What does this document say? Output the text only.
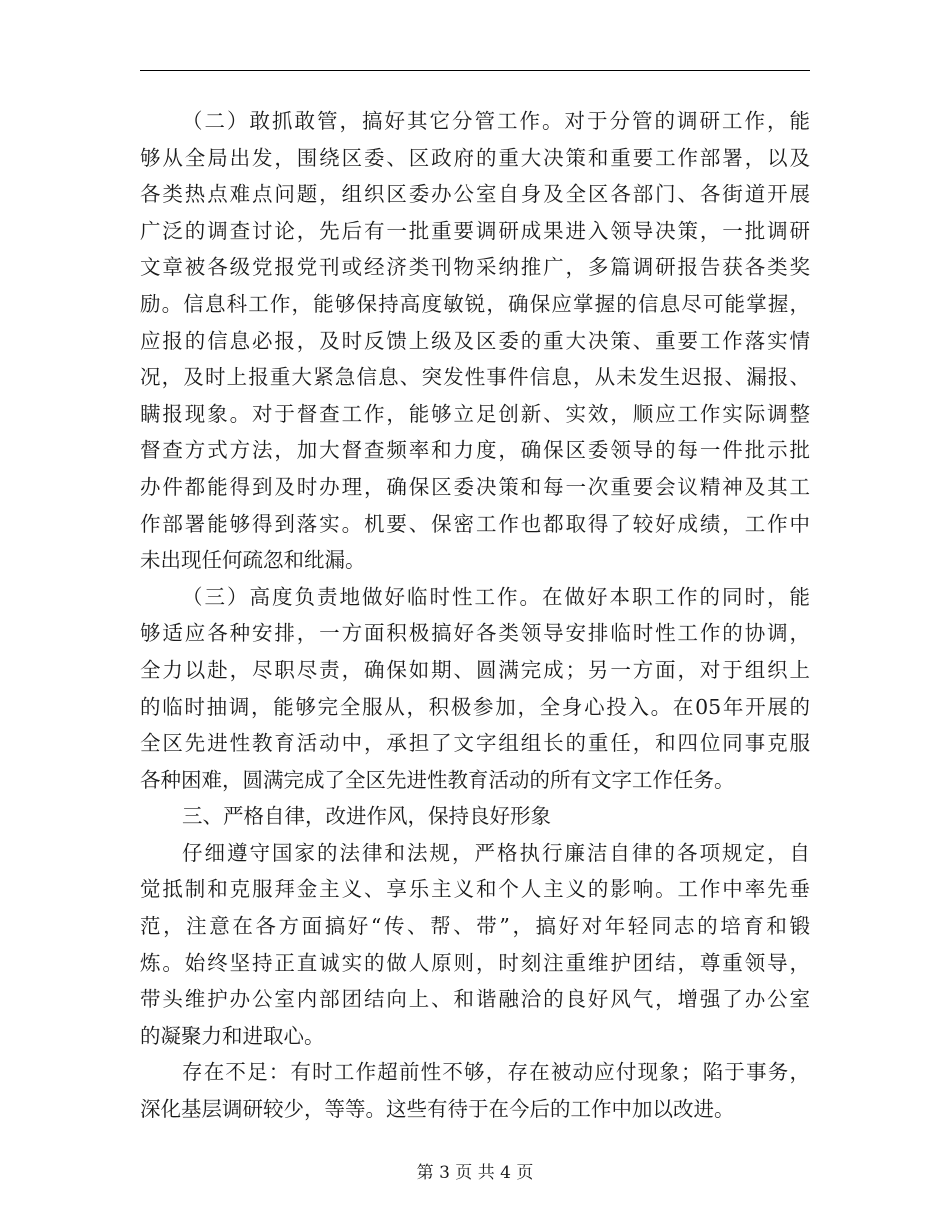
（二）敢抓敢管，搞好其它分管工作。对于分管的调研工作，能
够从全局出发，围绕区委、区政府的重大决策和重要工作部署，以及
各类热点难点问题，组织区委办公室自身及全区各部门、各街道开展
广泛的调查讨论，先后有一批重要调研成果进入领导决策，一批调研
文章被各级党报党刊或经济类刊物采纳推广，多篇调研报告获各类奖
励。信息科工作，能够保持高度敏锐，确保应掌握的信息尽可能掌握，
应报的信息必报，及时反馈上级及区委的重大决策、重要工作落实情
况，及时上报重大紧急信息、突发性事件信息，从未发生迟报、漏报、
瞒报现象。对于督查工作，能够立足创新、实效，顺应工作实际调整
督查方式方法，加大督查频率和力度，确保区委领导的每一件批示批
办件都能得到及时办理，确保区委决策和每一次重要会议精神及其工
作部署能够得到落实。机要、保密工作也都取得了较好成绩，工作中
未出现任何疏忽和纰漏。
（三）高度负责地做好临时性工作。在做好本职工作的同时，能
够适应各种安排，一方面积极搞好各类领导安排临时性工作的协调，
全力以赴，尽职尽责，确保如期、圆满完成；另一方面，对于组织上
的临时抽调，能够完全服从，积极参加，全身心投入。在05年开展的
全区先进性教育活动中，承担了文字组组长的重任，和四位同事克服
各种困难，圆满完成了全区先进性教育活动的所有文字工作任务。
三、严格自律，改进作风，保持良好形象
仔细遵守国家的法律和法规，严格执行廉洁自律的各项规定，自
觉抵制和克服拜金主义、享乐主义和个人主义的影响。工作中率先垂
范，注意在各方面搞好“传、帮、带”，搞好对年轻同志的培育和锻
炼。始终坚持正直诚实的做人原则，时刻注重维护团结，尊重领导，
带头维护办公室内部团结向上、和谐融洽的良好风气，增强了办公室
的凝聚力和进取心。
存在不足：有时工作超前性不够，存在被动应付现象；陷于事务，
深化基层调研较少，等等。这些有待于在今后的工作中加以改进。
第 3 页 共 4 页
